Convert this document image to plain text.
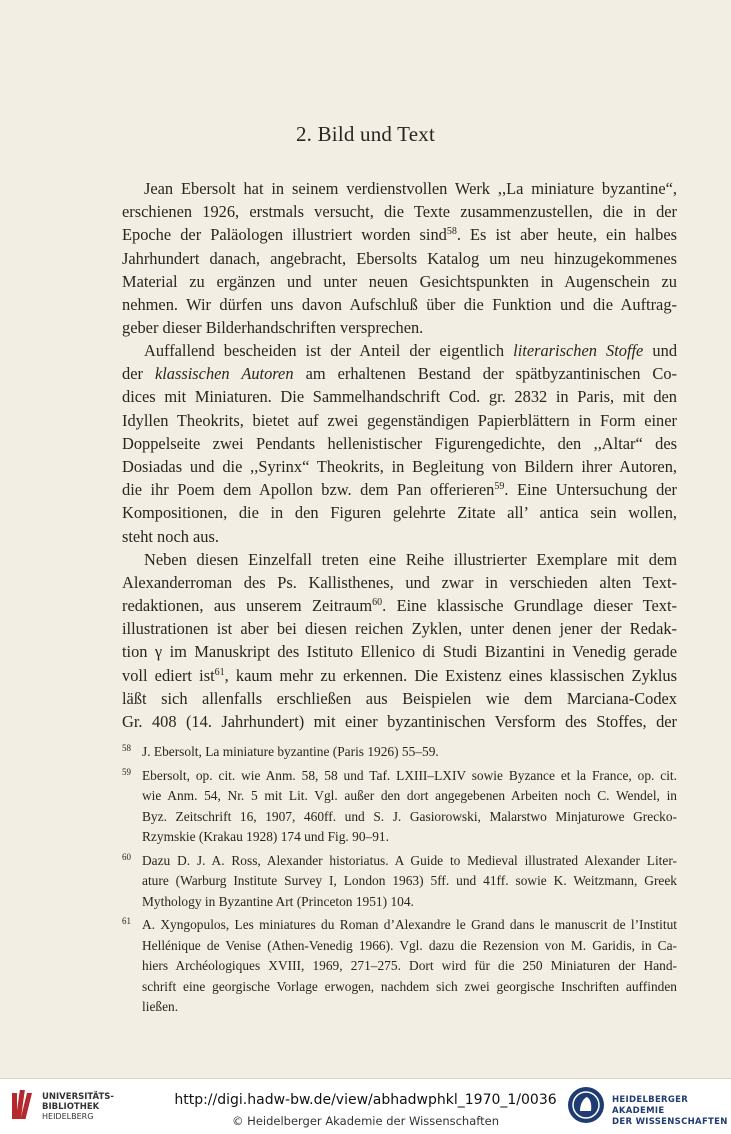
2. Bild und Text
Jean Ebersolt hat in seinem verdienstvollen Werk ,,La miniature byzantine“,
erschienen 1926, erstmals versucht, die Texte zusammenzustellen, die in der
Epoche der Paläologen illustriert worden sind$^{58}$. Es ist aber heute, ein halbes
Jahrhundert danach, angebracht, Ebersolts Katalog um neu hinzugekommenes
Material zu ergänzen und unter neuen Gesichtspunkten in Augenschein zu
nehmen. Wir dürfen uns davon Aufschluß über die Funktion und die Auftrag-
geber dieser Bilderhandschriften versprechen.
Auffallend bescheiden ist der Anteil der eigentlich literarischen Stoffe und
der klassischen Autoren am erhaltenen Bestand der spätbyzantinischen Co-
dices mit Miniaturen. Die Sammelhandschrift Cod. gr. 2832 in Paris, mit den
Idyllen Theokrits, bietet auf zwei gegenständigen Papierblättern in Form einer
Doppelseite zwei Pendants hellenistischer Figurengedichte, den ,,Altar“ des
Dosiadas und die ,,Syrinx“ Theokrits, in Begleitung von Bildern ihrer Autoren,
die ihr Poem dem Apollon bzw. dem Pan offerieren$^{59}$. Eine Untersuchung der
Kompositionen, die in den Figuren gelehrte Zitate all’ antica sein wollen,
steht noch aus.
Neben diesen Einzelfall treten eine Reihe illustrierter Exemplare mit dem
Alexanderroman des Ps. Kallisthenes, und zwar in verschieden alten Text-
redaktionen, aus unserem Zeitraum$^{60}$. Eine klassische Grundlage dieser Text-
illustrationen ist aber bei diesen reichen Zyklen, unter denen jener der Redak-
tion γ im Manuskript des Istituto Ellenico di Studi Bizantini in Venedig gerade
voll ediert ist$^{61}$, kaum mehr zu erkennen. Die Existenz eines klassischen Zyklus
läßt sich allenfalls erschließen aus Beispielen wie dem Marciana-Codex
Gr. 408 (14. Jahrhundert) mit einer byzantinischen Versform des Stoffes, der
58 J. Ebersolt, La miniature byzantine (Paris 1926) 55–59.
59 Ebersolt, op. cit. wie Anm. 58, 58 und Taf. LXIII–LXIV sowie Byzance et la France, op. cit.
wie Anm. 54, Nr. 5 mit Lit. Vgl. außer den dort angegebenen Arbeiten noch C. Wendel, in
Byz. Zeitschrift 16, 1907, 460ff. und S. J. Gasiorowski, Malarstwo Minjaturowe Grecko-
Rzymskie (Krakau 1928) 174 und Fig. 90–91.
60 Dazu D. J. A. Ross, Alexander historiatus. A Guide to Medieval illustrated Alexander Liter-
ature (Warburg Institute Survey I, London 1963) 5ff. und 41ff. sowie K. Weitzmann, Greek
Mythology in Byzantine Art (Princeton 1951) 104.
61 A. Xyngopulos, Les miniatures du Roman d’Alexandre le Grand dans le manuscrit de l’Institut
Hellénique de Venise (Athen-Venedig 1966). Vgl. dazu die Rezension von M. Garidis, in Ca-
hiers Archéologiques XVIII, 1969, 271–275. Dort wird für die 250 Miniaturen der Hand-
schrift eine georgische Vorlage erwogen, nachdem sich zwei georgische Inschriften auffinden
ließen.
UNIVERSITÄTS-
BIBLIOTHEK
HEIDELBERG
http://digi.hadw-bw.de/view/abhadwphkl_1970_1/0036
© Heidelberger Akademie der Wissenschaften
HEIDELBERGER AKADEMIE
DER WISSENSCHAFTEN
